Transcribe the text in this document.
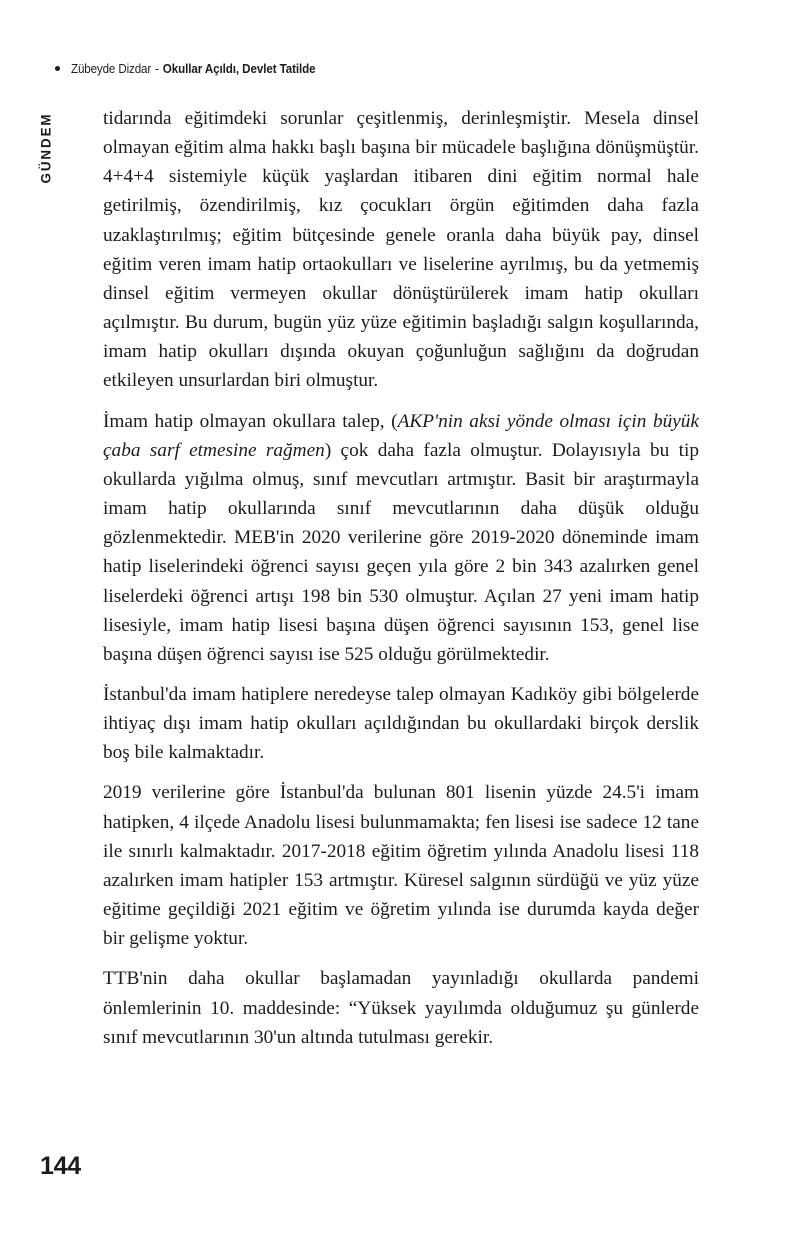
Zübeyde Dizdar - Okullar Açıldı, Devlet Tatilde
GÜNDEM	tidarında eğitimdeki sorunlar çeşitlenmiş, derinleşmiştir. Mesela dinsel olmayan eğitim alma hakkı başlı başına bir mücadele başlığına dönüşmüştür. 4+4+4 sistemiyle küçük yaşlardan itibaren dini eğitim normal hale getirilmiş, özendirilmiş, kız çocukları örgün eğitimden daha fazla uzaklaştırılmış; eğitim bütçesinde genele oranla daha büyük pay, dinsel eğitim veren imam hatip ortaokulları ve liselerine ayrılmış, bu da yetmemiş dinsel eğitim vermeyen okullar dönüştürülerek imam hatip okulları açılmıştır. Bu durum, bugün yüz yüze eğitimin başladığı salgın koşullarında, imam hatip okulları dışında okuyan çoğunluğun sağlığını da doğrudan etkileyen unsurlardan biri olmuştur.

İmam hatip olmayan okullara talep, (AKP'nin aksi yönde olması için büyük çaba sarf etmesine rağmen) çok daha fazla olmuştur. Dolayısıyla bu tip okullarda yığılma olmuş, sınıf mevcutları artmıştır. Basit bir araştırmayla imam hatip okullarında sınıf mevcutlarının daha düşük olduğu gözlenmektedir. MEB'in 2020 verilerine göre 2019-2020 döneminde imam hatip liselerindeki öğrenci sayısı geçen yıla göre 2 bin 343 azalırken genel liselerdeki öğrenci artışı 198 bin 530 olmuştur. Açılan 27 yeni imam hatip lisesiyle, imam hatip lisesi başına düşen öğrenci sayısının 153, genel lise başına düşen öğrenci sayısı ise 525 olduğu görülmektedir.

İstanbul'da imam hatiplere neredeyse talep olmayan Kadıköy gibi bölgelerde ihtiyaç dışı imam hatip okulları açıldığından bu okullardaki birçok derslik boş bile kalmaktadır.

2019 verilerine göre İstanbul'da bulunan 801 lisenin yüzde 24.5'i imam hatipken, 4 ilçede Anadolu lisesi bulunmamakta; fen lisesi ise sadece 12 tane ile sınırlı kalmaktadır. 2017-2018 eğitim öğretim yılında Anadolu lisesi 118 azalırken imam hatipler 153 artmıştır. Küresel salgının sürdüğü ve yüz yüze eğitime geçildiği 2021 eğitim ve öğretim yılında ise durumda kayda değer bir gelişme yoktur.

TTB'nin daha okullar başlamadan yayınladığı okullarda pandemi önlemlerinin 10. maddesinde: “Yüksek yayılımda olduğumuz şu günlerde sınıf mevcutlarının 30'un altında tutulması gerekir.

144
